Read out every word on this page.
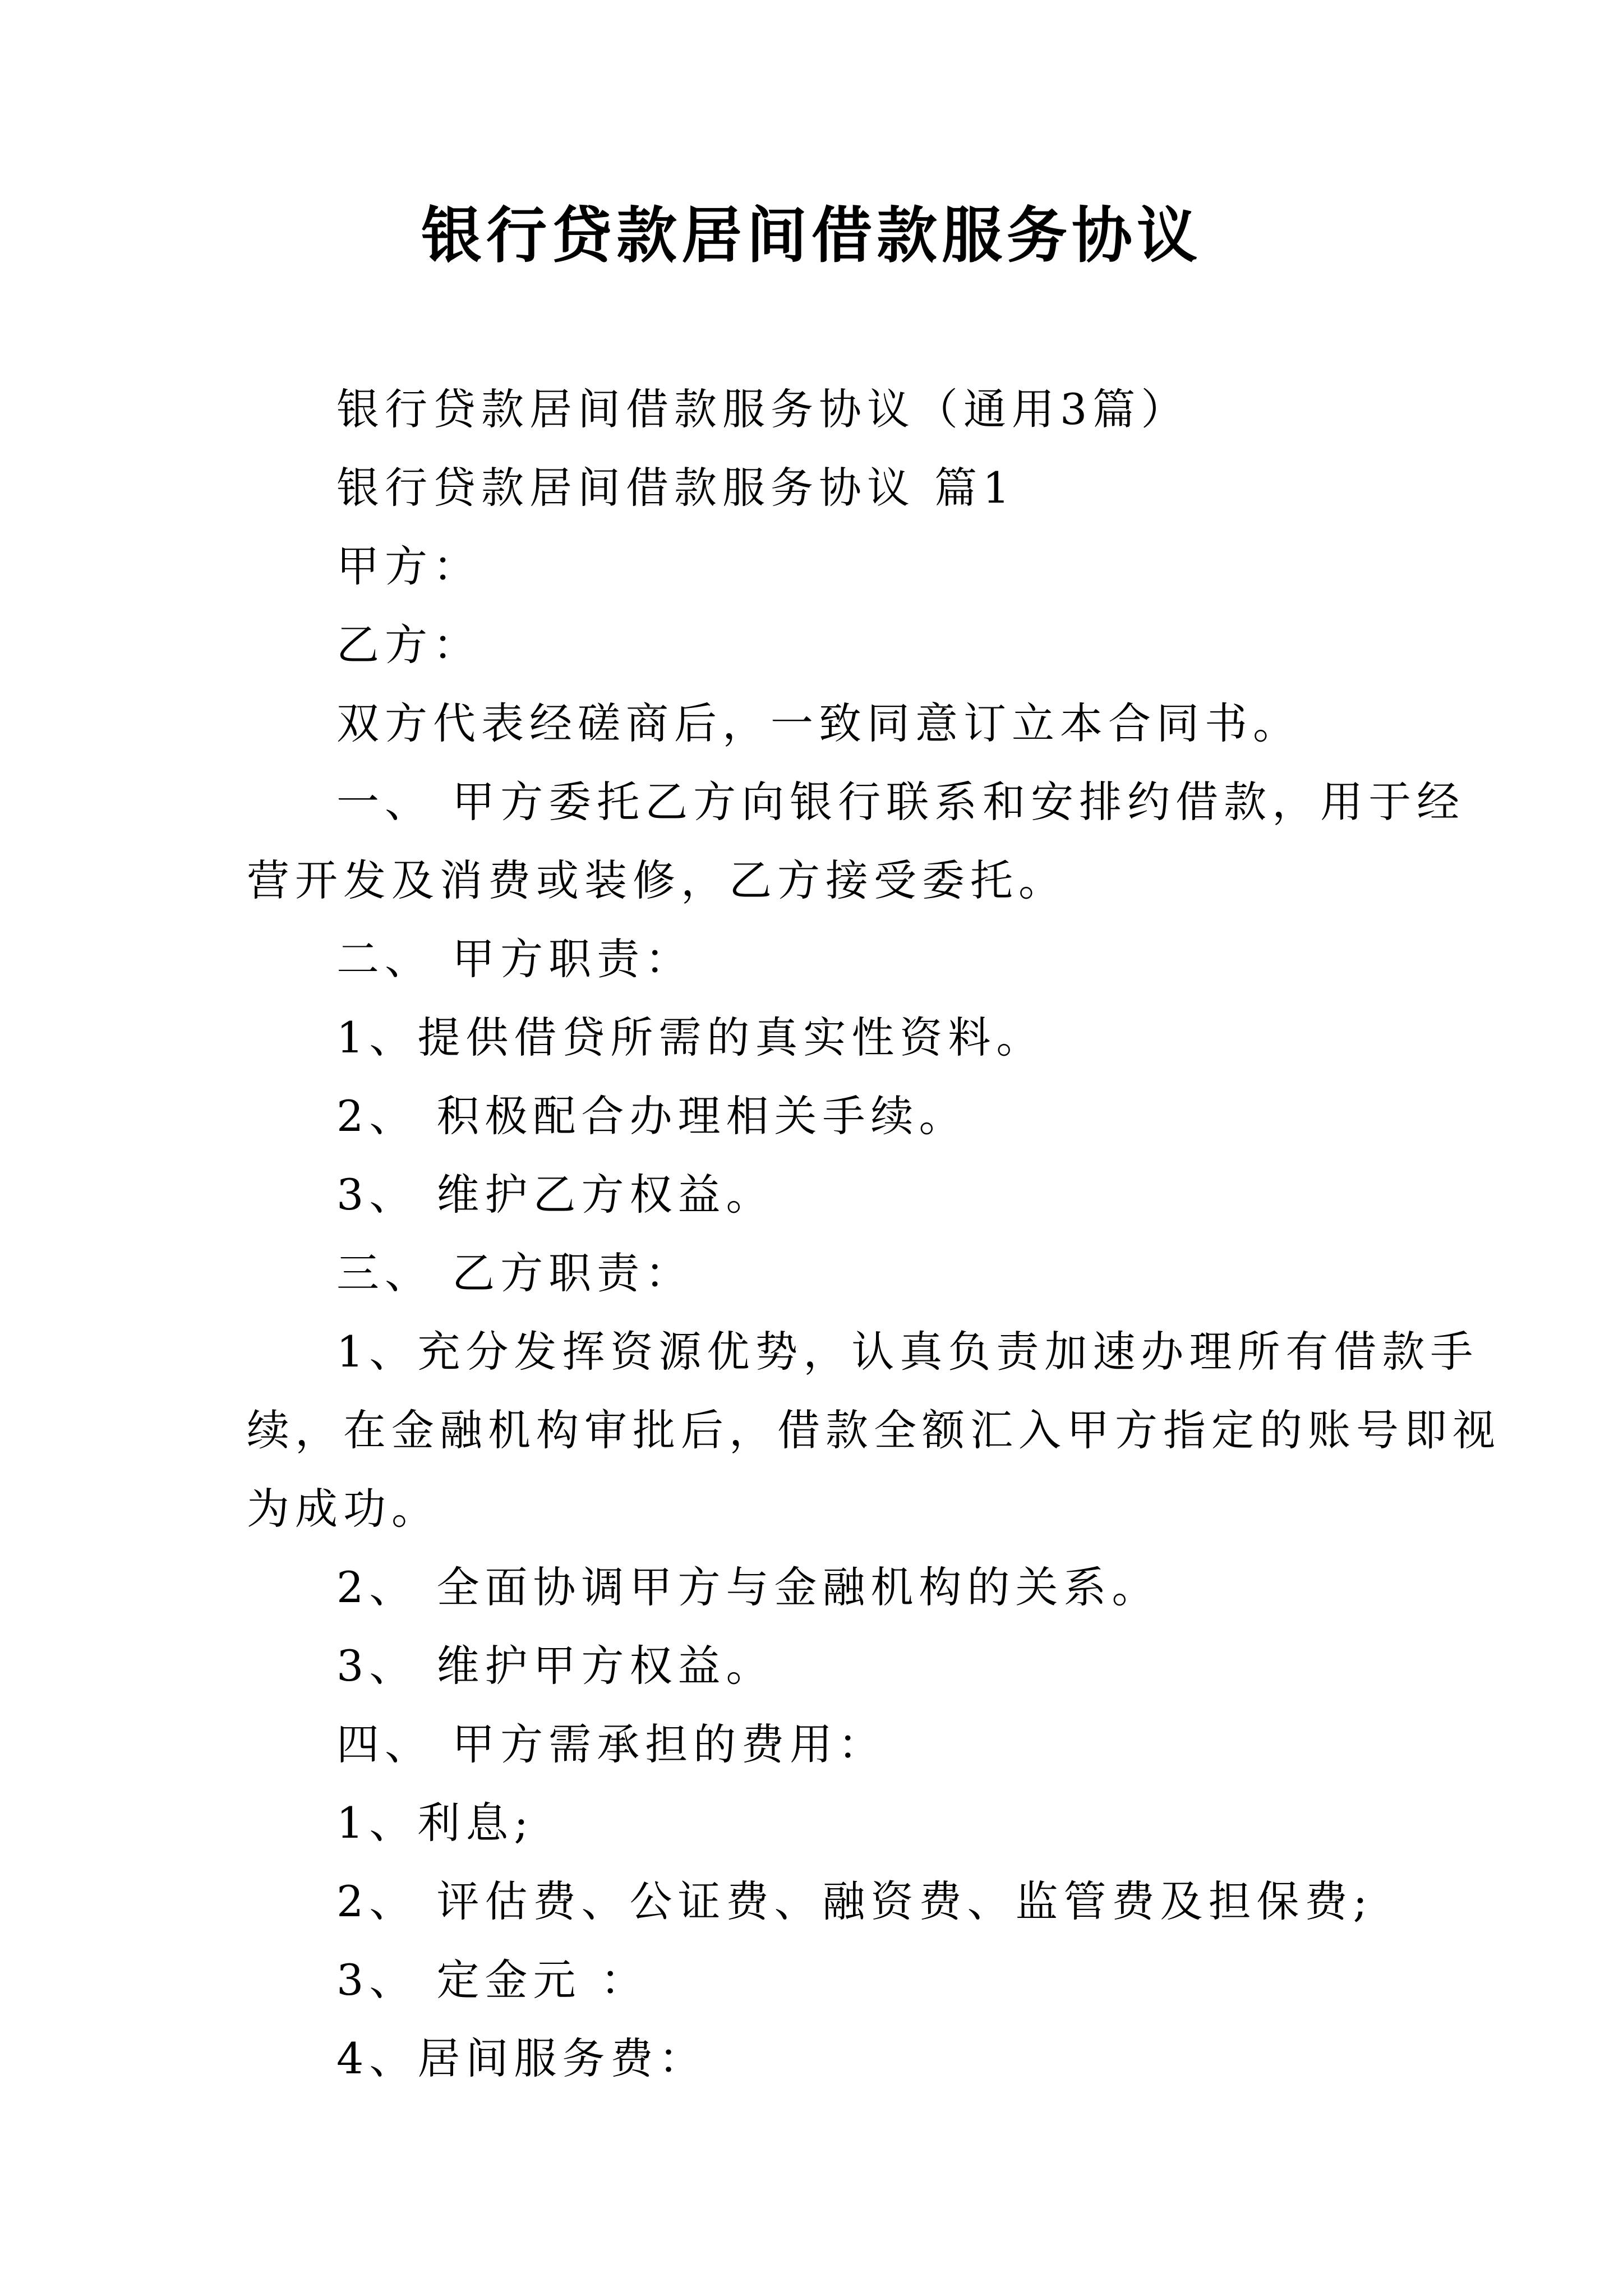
银行贷款居间借款服务协议
银行贷款居间借款服务协议（通用3篇）
银行贷款居间借款服务协议 篇1
甲方：
乙方：
双方代表经磋商后，一致同意订立本合同书。
一、 甲方委托乙方向银行联系和安排约借款，用于经
营开发及消费或装修，乙方接受委托。
二、 甲方职责：
1、提供借贷所需的真实性资料。
2、 积极配合办理相关手续。
3、 维护乙方权益。
三、 乙方职责：
1、充分发挥资源优势，认真负责加速办理所有借款手
续，在金融机构审批后，借款全额汇入甲方指定的账号即视
为成功。
2、 全面协调甲方与金融机构的关系。
3、 维护甲方权益。
四、 甲方需承担的费用：
1、利息;
2、 评估费、公证费、融资费、监管费及担保费;
3、 定金元 ：
4、居间服务费：
